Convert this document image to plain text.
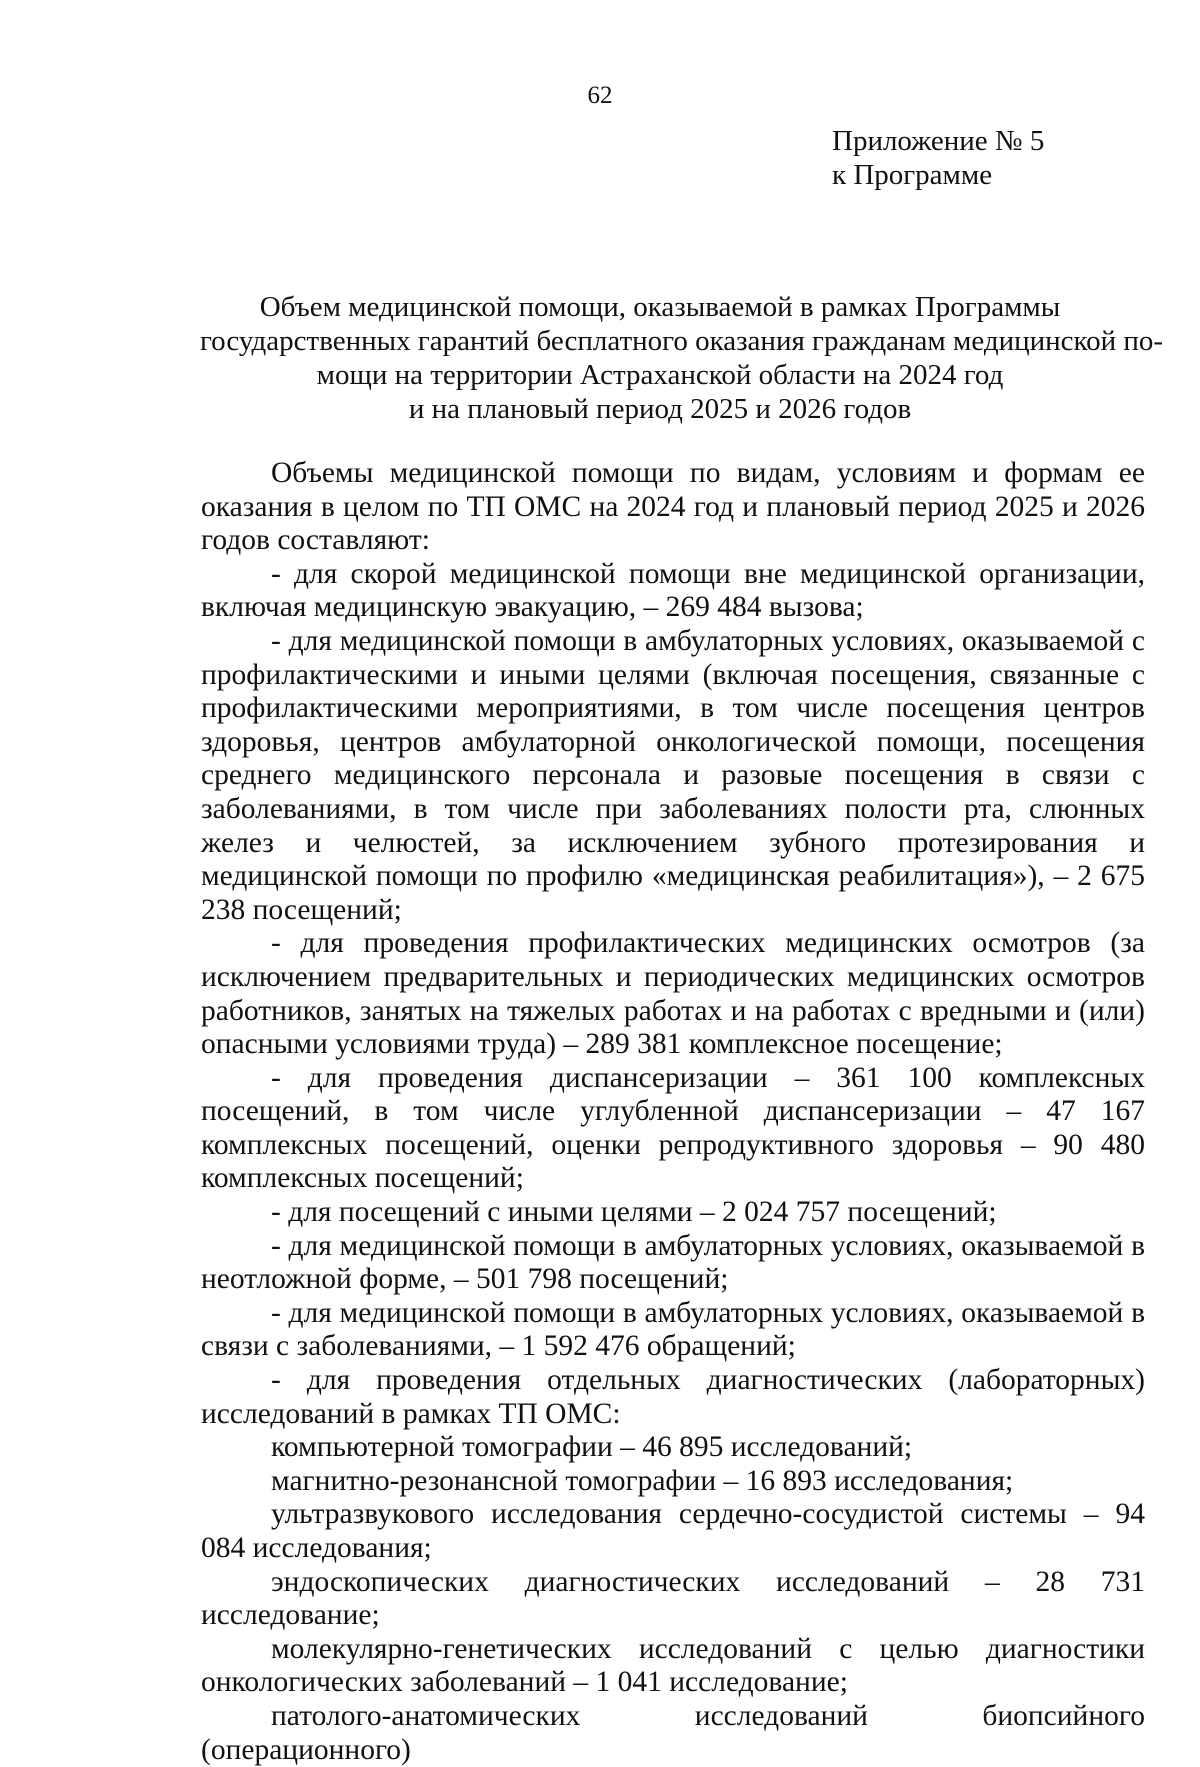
62
Приложение № 5
к Программе
Объем медицинской помощи, оказываемой в рамках Программы
государственных гарантий бесплатного оказания гражданам медицинской по-
мощи на территории Астраханской области на 2024 год
и на плановый период 2025 и 2026 годов

Объемы медицинской помощи по видам, условиям и формам ее оказания в целом по ТП ОМС на 2024 год и плановый период 2025 и 2026 годов составляют:

- для скорой медицинской помощи вне медицинской организации, включая медицинскую эвакуацию, – 269 484 вызова;

- для медицинской помощи в амбулаторных условиях, оказываемой с профилактическими и иными целями (включая посещения, связанные с профилактическими мероприятиями, в том числе посещения центров здоровья, центров амбулаторной онкологической помощи, посещения среднего медицинского персонала и разовые посещения в связи с заболеваниями, в том числе при заболеваниях полости рта, слюнных желез и челюстей, за исключением зубного протезирования и медицинской помощи по профилю «медицинская реабилитация»), – 2 675 238 посещений;

- для проведения профилактических медицинских осмотров (за исключением предварительных и периодических медицинских осмотров работников, занятых на тяжелых работах и на работах с вредными и (или) опасными условиями труда) – 289 381 комплексное посещение;

- для проведения диспансеризации – 361 100 комплексных посещений, в том числе углубленной диспансеризации – 47 167 комплексных посещений, оценки репродуктивного здоровья – 90 480 комплексных посещений;

- для посещений с иными целями – 2 024 757 посещений;

- для медицинской помощи в амбулаторных условиях, оказываемой в неотложной форме, – 501 798 посещений;

- для медицинской помощи в амбулаторных условиях, оказываемой в связи с заболеваниями, – 1 592 476 обращений;

- для проведения отдельных диагностических (лабораторных) исследований в рамках ТП ОМС:

компьютерной томографии – 46 895 исследований;

магнитно-резонансной томографии – 16 893 исследования;

ультразвукового исследования сердечно-сосудистой системы – 94 084 исследования;

эндоскопических диагностических исследований – 28 731 исследование;

молекулярно-генетических исследований с целью диагностики онкологических заболеваний – 1 041 исследование;

патолого-анатомических исследований биопсийного (операционного)
